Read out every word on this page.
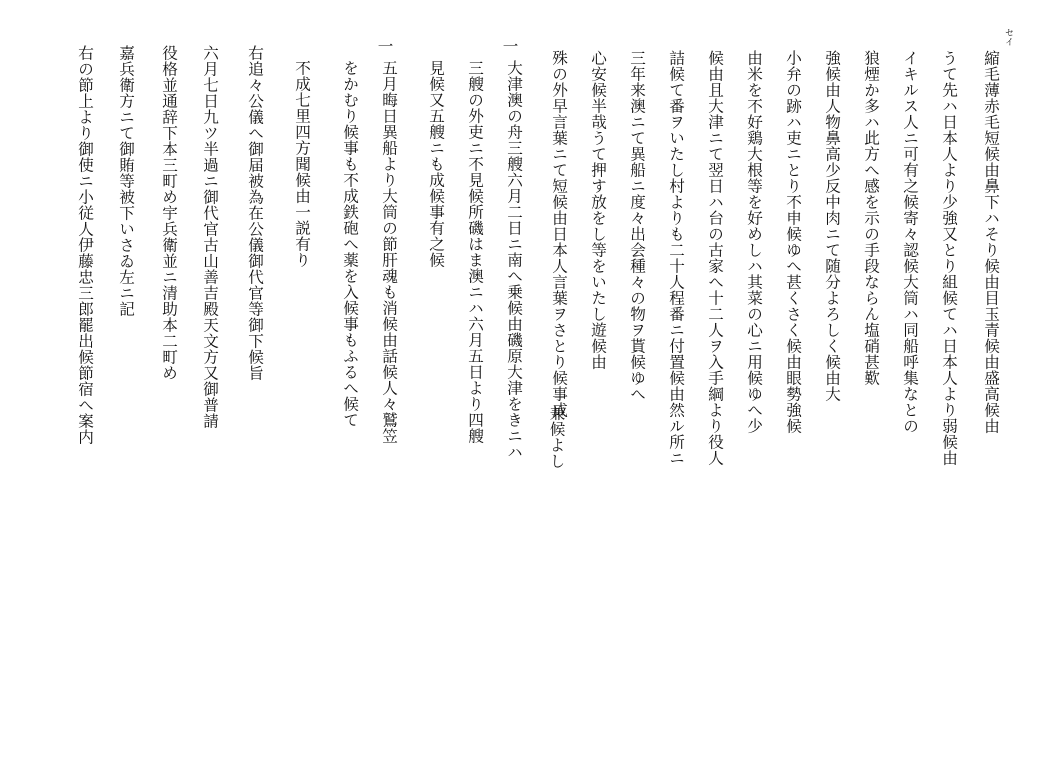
セイ
縮毛薄赤毛短候由鼻下ハそり候由目玉青候由盛高候由
うて先ハ日本人より少強又とり組候てハ日本人より弱候由
イキルス人ニ可有之候寄々認候大筒ハ同船呼集なとの
狼煙か多ハ此方へ感を示の手段ならん塩硝甚歎
強候由人物鼻高少反中肉ニて随分よろしく候由大
小弁の跡ハ吏ニとり不申候ゆへ甚くさく候由眼勢強候
由米を不好鶏大根等を好めしハ其菜の心ニ用候ゆへ少
候由且大津ニて翌日ハ台の古家へ十二人ヲ入手綱より役人
詰候て番ヲいたし村よりも二十人程番ニ付置候由然ル所ニ
三年来澳ニて異船ニ度々出会種々の物ヲ貰候ゆへ
心安候半哉うて押す放をし等をいたし遊候由
殊の外早言葉ニて短候由日本人言葉ヲさとり候事成
兼候よし
一
大津澳の舟三艘六月二日ニ南へ乗候由磯原大津をきニハ
三艘の外吏ニ不見候所磯はま澳ニハ六月五日より四艘
見候又五艘ニも成候事有之候
一
五月晦日異船より大筒の節肝魂も消候由話候人々鷲笠
をかむり候事も不成鉄砲へ薬を入候事もふるへ候て
不成七里四方聞候由一説有り
右追々公儀へ御届被為在公儀御代官等御下候旨
六月七日九ツ半過ニ御代官古山善吉殿天文方又御普請
役格並通辞下本三町め宇兵衛並ニ清助本二町め
嘉兵衛方ニて御賄等被下いさゐ左ニ記
右の節上より御使ニ小従人伊藤忠三郎罷出候節宿へ案内
